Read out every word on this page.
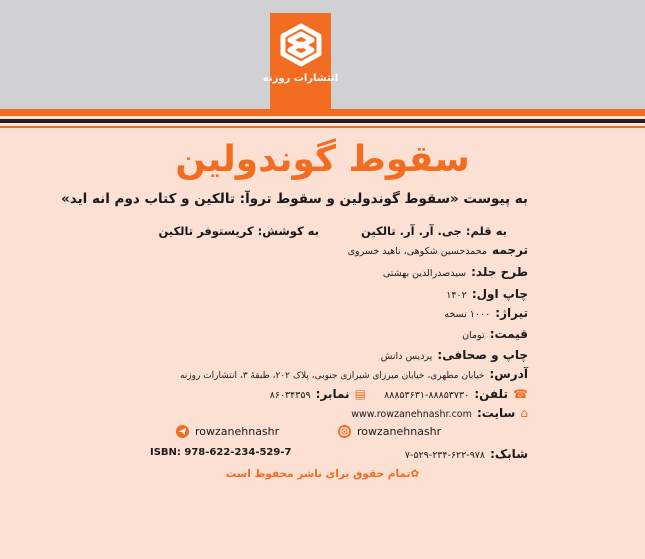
انتشارات روزنه
سقوط گوندولین
به پیوست «سقوط گوندولین و سقوط تروآ: تالکین و کتاب دوم انه اید»
به قلم: جی. آر. آر. تالکین  به کوشش: کریستوفر تالکین
ترجمه محمدحسین شکوهی، ناهید خسروی
طرح جلد: سیدصدرالدین بهشتی
چاپ اول: ۱۴۰۲
تیراژ: ۱۰۰۰ نسخه
قیمت: تومان
چاپ و صحافی: پردیس دانش
آدرس: خیابان مطهری، خیابان میرزای شیرازی جنوبی، پلاک ۲۰۲، طبقهٔ ۳، انتشارات روزنه
☎ تلفن: ۸۸۸۵۳۷۳۰-۸۸۸۵۳۶۳۱  ▤ نمابر: ۸۶۰۳۴۳۵۹
⌂ سایت: www.rowzanehnashr.com
rowzanehnashr	rowzanehnashr
شابک: ۹۷۸-۶۲۲-۲۳۴-۵۲۹-۷
ISBN: 978-622-234-529-7
✿تمام حقوق برای ناشر محفوظ است
